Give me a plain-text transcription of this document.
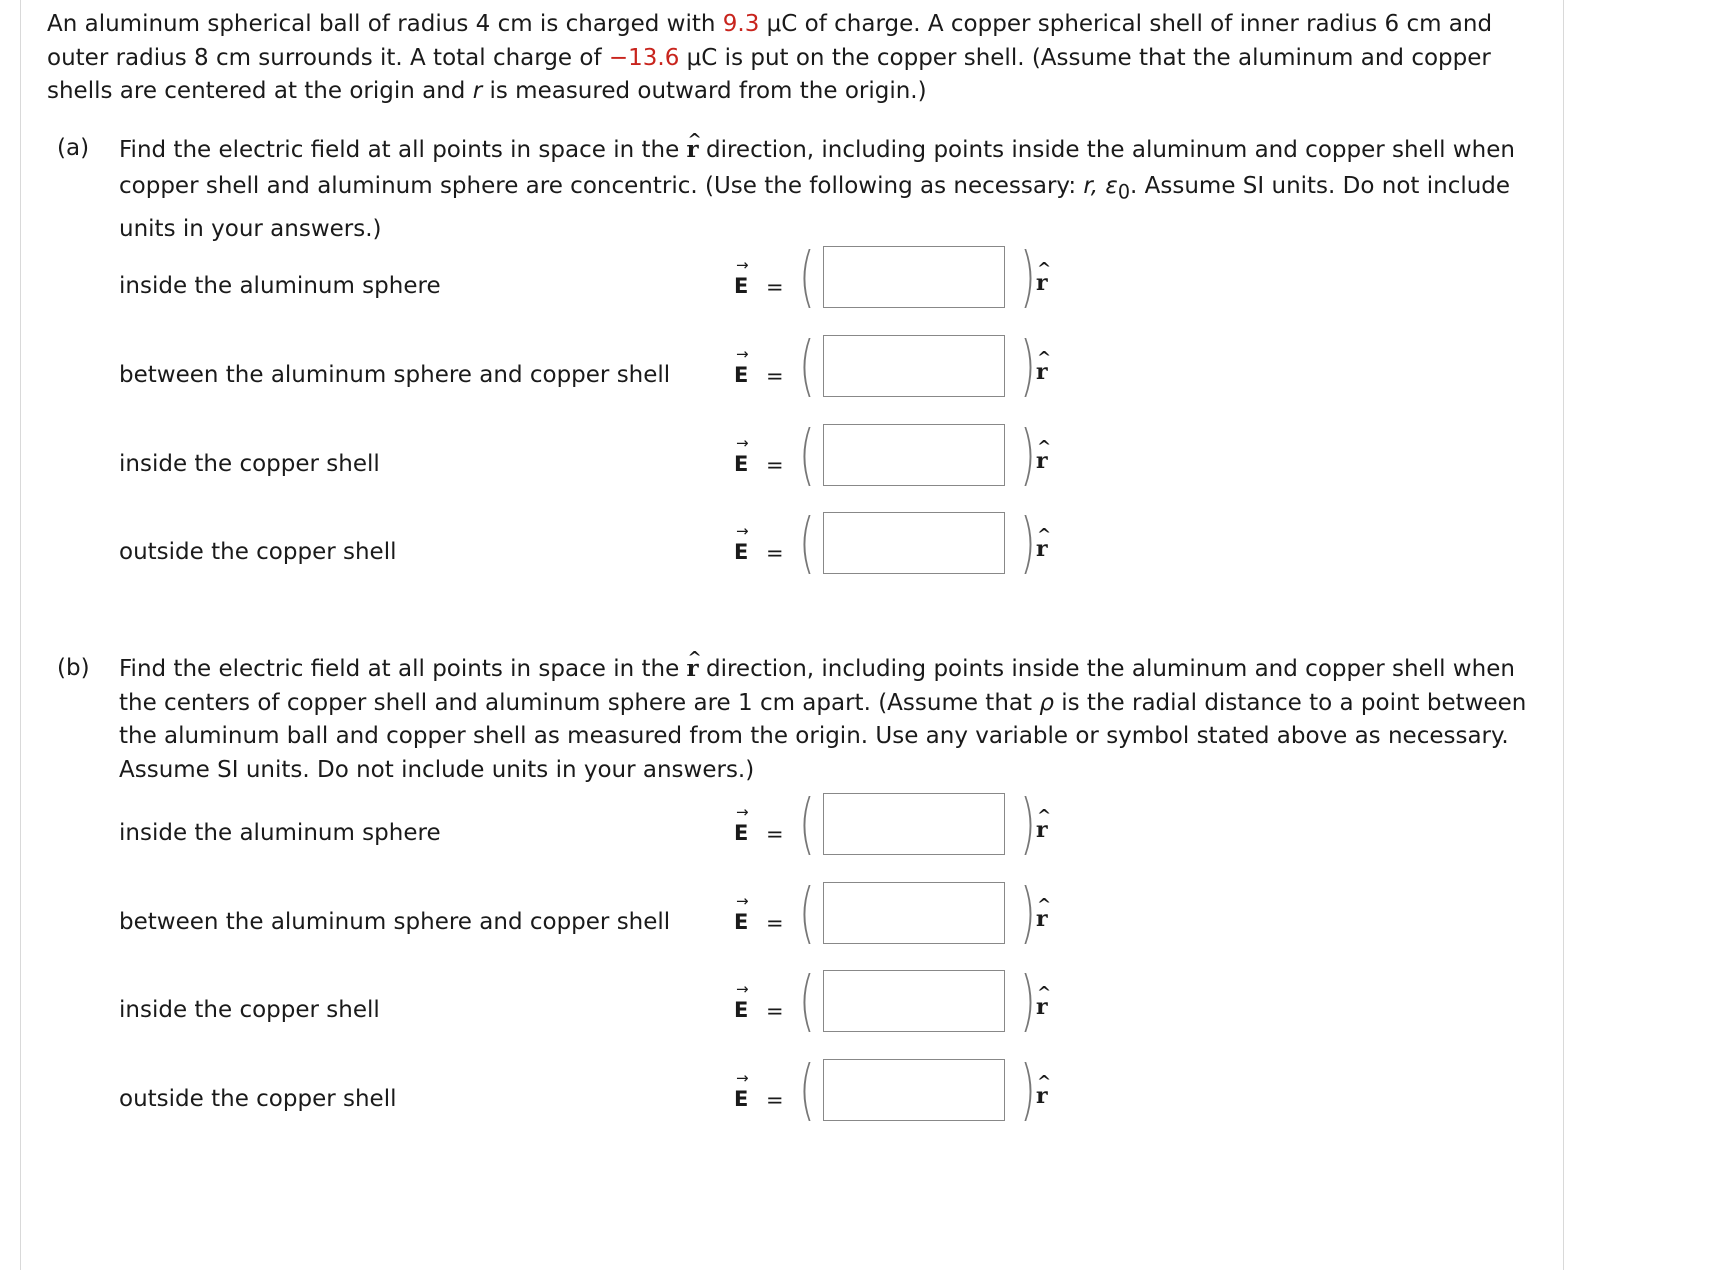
An aluminum spherical ball of radius 4 cm is charged with 9.3 μC of charge. A copper spherical shell of inner radius 6 cm and outer radius 8 cm surrounds it. A total charge of −13.6 μC is put on the copper shell. (Assume that the aluminum and copper shells are centered at the origin and r is measured outward from the origin.)
(a) Find the electric field at all points in space in the ^ r direction, including points inside the aluminum and copper shell when copper shell and aluminum sphere are concentric. (Use the following as necessary: r, $\varepsilon_0$. Assume SI units. Do not include units in your answers.)
inside the aluminum sphere	→ E = (	) ^ r
between the aluminum sphere and copper shell	→ E = (	) ^ r
inside the copper shell	→ E = (	) ^ r
outside the copper shell	→ E = (	) ^ r
(b) Find the electric field at all points in space in the ^ r direction, including points inside the aluminum and copper shell when the centers of copper shell and aluminum sphere are 1 cm apart. (Assume that ρ is the radial distance to a point between the aluminum ball and copper shell as measured from the origin. Use any variable or symbol stated above as necessary. Assume SI units. Do not include units in your answers.)
inside the aluminum sphere	→ E = (	) ^ r
between the aluminum sphere and copper shell	→ E = (	) ^ r
inside the copper shell	→ E = (	) ^ r
outside the copper shell	→ E = (	) ^ r
